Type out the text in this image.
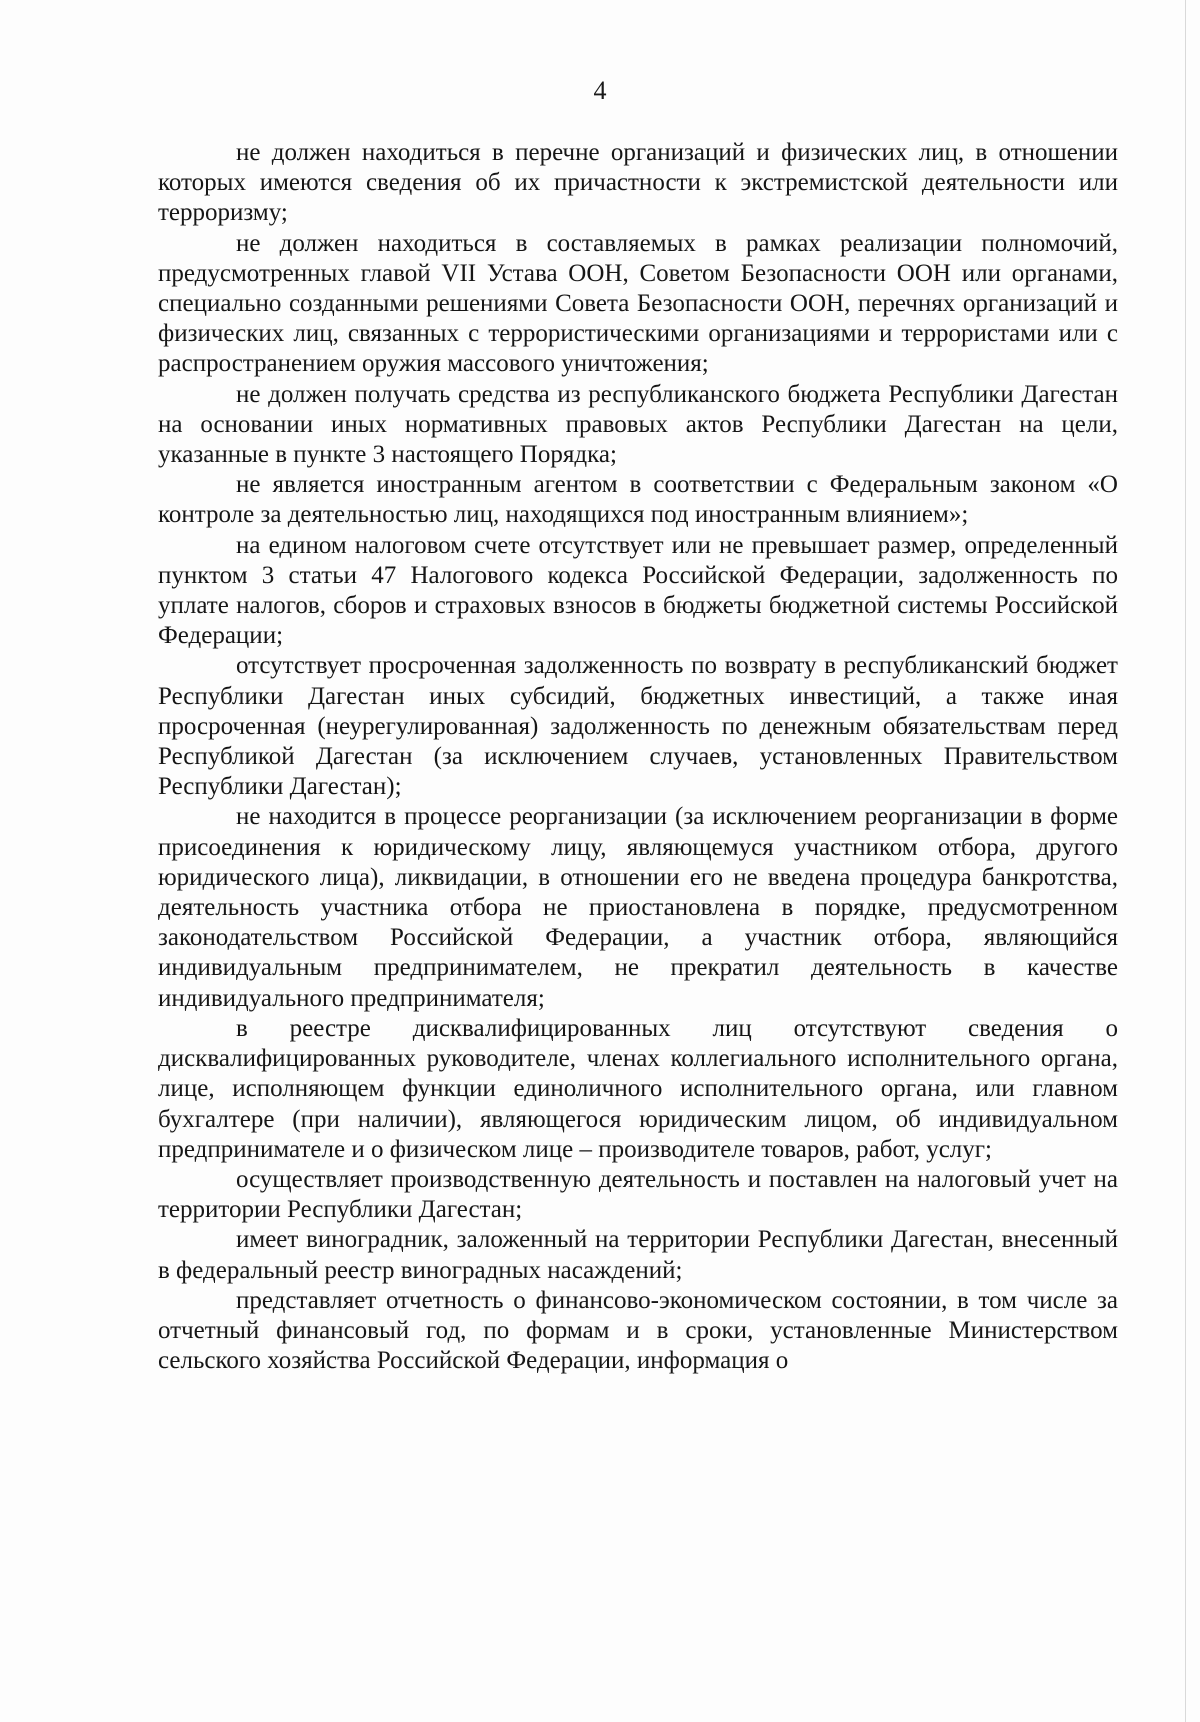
4

не должен находиться в перечне организаций и физических лиц, в отношении которых имеются сведения об их причастности к экстремистской деятельности или терроризму;

не должен находиться в составляемых в рамках реализации полномочий, предусмотренных главой VII Устава ООН, Советом Безопасности ООН или органами, специально созданными решениями Совета Безопасности ООН, перечнях организаций и физических лиц, связанных с террористическими организациями и террористами или с распространением оружия массового уничтожения;

не должен получать средства из республиканского бюджета Республики Дагестан на основании иных нормативных правовых актов Республики Дагестан на цели, указанные в пункте 3 настоящего Порядка;

не является иностранным агентом в соответствии с Федеральным законом «О контроле за деятельностью лиц, находящихся под иностранным влиянием»;

на едином налоговом счете отсутствует или не превышает размер, определенный пунктом 3 статьи 47 Налогового кодекса Российской Федерации, задолженность по уплате налогов, сборов и страховых взносов в бюджеты бюджетной системы Российской Федерации;

отсутствует просроченная задолженность по возврату в республиканский бюджет Республики Дагестан иных субсидий, бюджетных инвестиций, а также иная просроченная (неурегулированная) задолженность по денежным обязательствам перед Республикой Дагестан (за исключением случаев, установленных Правительством Республики Дагестан);

не находится в процессе реорганизации (за исключением реорганизации в форме присоединения к юридическому лицу, являющемуся участником отбора, другого юридического лица), ликвидации, в отношении его не введена процедура банкротства, деятельность участника отбора не приостановлена в порядке, предусмотренном законодательством Российской Федерации, а участник отбора, являющийся индивидуальным предпринимателем, не прекратил деятельность в качестве индивидуального предпринимателя;

в реестре дисквалифицированных лиц отсутствуют сведения о дисквалифицированных руководителе, членах коллегиального исполнительного органа, лице, исполняющем функции единоличного исполнительного органа, или главном бухгалтере (при наличии), являющегося юридическим лицом, об индивидуальном предпринимателе и о физическом лице – производителе товаров, работ, услуг;

осуществляет производственную деятельность и поставлен на налоговый учет на территории Республики Дагестан;

имеет виноградник, заложенный на территории Республики Дагестан, внесенный в федеральный реестр виноградных насаждений;

представляет отчетность о финансово-экономическом состоянии, в том числе за отчетный финансовый год, по формам и в сроки, установленные Министерством сельского хозяйства Российской Федерации, информация о
